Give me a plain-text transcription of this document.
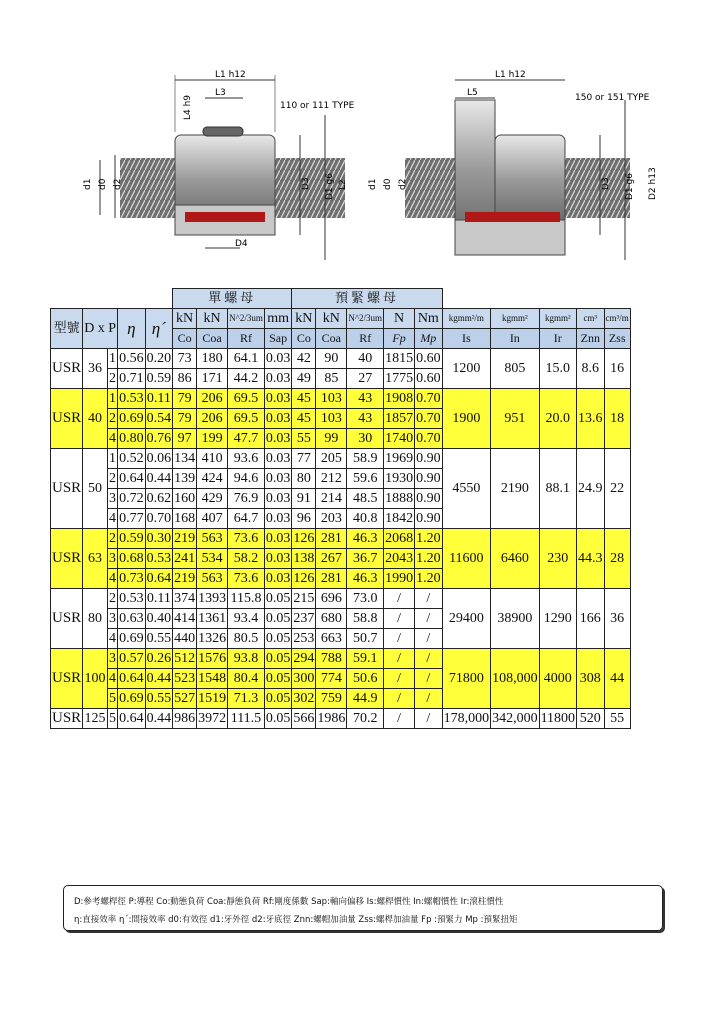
L1 h12
L3
110 or 111 TYPE
D3 D1 g6 L2
d1 d0 d2
L4 h9
D4
L1 h12
L5	150 or 151 TYPE
D3 D1 g6 D2 h13
d1 d0 d2
					單螺母				預緊螺母									
型號	D x P		η	η´	kN	kN	N^2/3um	mm	kN	kN	N^2/3um	N	Nm	kgmm²/m	kgmm²	kgmm²	cm³	cm³/m
					Co	Coa	Rf	Sap	Co	Coa	Rf	Fp	Mp	Is	In	Ir	Znn	Zss
USR	36	1	0.56	0.20	73	180	64.1	0.03	42	90	40	1815	0.60	1200	805	15.0	8.6	16
		2	0.71	0.59	86	171	44.2	0.03	49	85	27	1775	0.60					
USR	40	1	0.53	0.11	79	206	69.5	0.03	45	103	43	1908	0.70	1900	951	20.0	13.6	18
		2	0.69	0.54	79	206	69.5	0.03	45	103	43	1857	0.70					
		4	0.80	0.76	97	199	47.7	0.03	55	99	30	1740	0.70					
USR	50	1	0.52	0.06	134	410	93.6	0.03	77	205	58.9	1969	0.90	4550	2190	88.1	24.9	22
		2	0.64	0.44	139	424	94.6	0.03	80	212	59.6	1930	0.90					
		3	0.72	0.62	160	429	76.9	0.03	91	214	48.5	1888	0.90					
		4	0.77	0.70	168	407	64.7	0.03	96	203	40.8	1842	0.90					
USR	63	2	0.59	0.30	219	563	73.6	0.03	126	281	46.3	2068	1.20	11600	6460	230	44.3	28
		3	0.68	0.53	241	534	58.2	0.03	138	267	36.7	2043	1.20					
		4	0.73	0.64	219	563	73.6	0.03	126	281	46.3	1990	1.20					
USR	80	2	0.53	0.11	374	1393	115.8	0.05	215	696	73.0	/	/	29400	38900	1290	166	36
		3	0.63	0.40	414	1361	93.4	0.05	237	680	58.8	/	/					
		4	0.69	0.55	440	1326	80.5	0.05	253	663	50.7	/	/					
USR	100	3	0.57	0.26	512	1576	93.8	0.05	294	788	59.1	/	/	71800	108,000	4000	308	44
		4	0.64	0.44	523	1548	80.4	0.05	300	774	50.6	/	/					
		5	0.69	0.55	527	1519	71.3	0.05	302	759	44.9	/	/					
USR	125	5	0.64	0.44	986	3972	111.5	0.05	566	1986	70.2	/	/	178,000	342,000	11800	520	55
D:參考螺桿徑 P:導程 Co:動態負荷 Coa:靜態負荷 Rf:剛度係數 Sap:軸向偏移 Is:螺桿慣性 In:螺帽慣性 Ir:滾柱慣性
η:直接效率 η´:間接效率 d0:有效徑 d1:牙外徑 d2:牙底徑 Znn:螺帽加油量 Zss:螺桿加油量 Fp :預緊力 Mp :預緊扭矩
